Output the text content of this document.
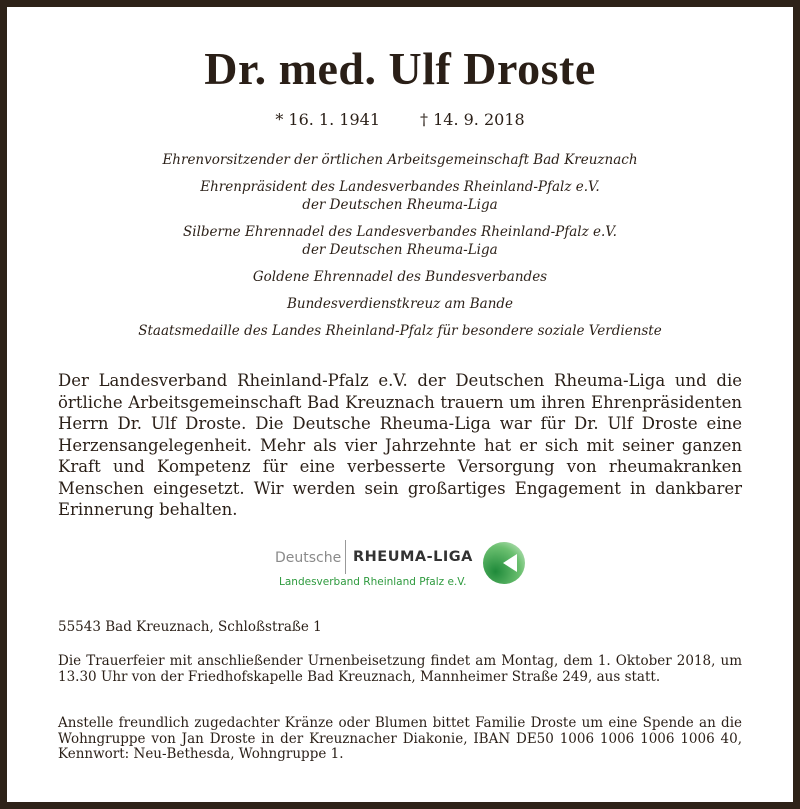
Dr. med. Ulf Droste
* 16. 1. 1941	† 14. 9. 2018
Ehrenvorsitzender der örtlichen Arbeitsgemeinschaft Bad Kreuznach
Ehrenpräsident des Landesverbandes Rheinland-Pfalz e.V.
der Deutschen Rheuma-Liga
Silberne Ehrennadel des Landesverbandes Rheinland-Pfalz e.V.
der Deutschen Rheuma-Liga
Goldene Ehrennadel des Bundesverbandes
Bundesverdienstkreuz am Bande
Staatsmedaille des Landes Rheinland-Pfalz für besondere soziale Verdienste
Der Landesverband Rheinland-Pfalz e.V. der Deutschen Rheuma-Liga und die örtliche Arbeitsgemeinschaft Bad Kreuznach trauern um ihren Ehrenpräsidenten Herrn Dr. Ulf Droste. Die Deutsche Rheuma-Liga war für Dr. Ulf Droste eine Herzensangelegenheit. Mehr als vier Jahrzehnte hat er sich mit seiner ganzen Kraft und Kompetenz für eine verbesserte Versorgung von rheumakranken Menschen eingesetzt. Wir werden sein großartiges Engagement in dankbarer Erinnerung behalten.
Deutsche RHEUMA-LIGA
Landesverband Rheinland Pfalz e.V.
55543 Bad Kreuznach, Schloßstraße 1
Die Trauerfeier mit anschließender Urnenbeisetzung findet am Montag, dem 1. Oktober 2018, um 13.30 Uhr von der Friedhofskapelle Bad Kreuznach, Mannheimer Straße 249, aus statt.
Anstelle freundlich zugedachter Kränze oder Blumen bittet Familie Droste um eine Spende an die Wohngruppe von Jan Droste in der Kreuznacher Diakonie, IBAN DE50 1006 1006 1006 1006 40, Kennwort: Neu-Bethesda, Wohngruppe 1.
